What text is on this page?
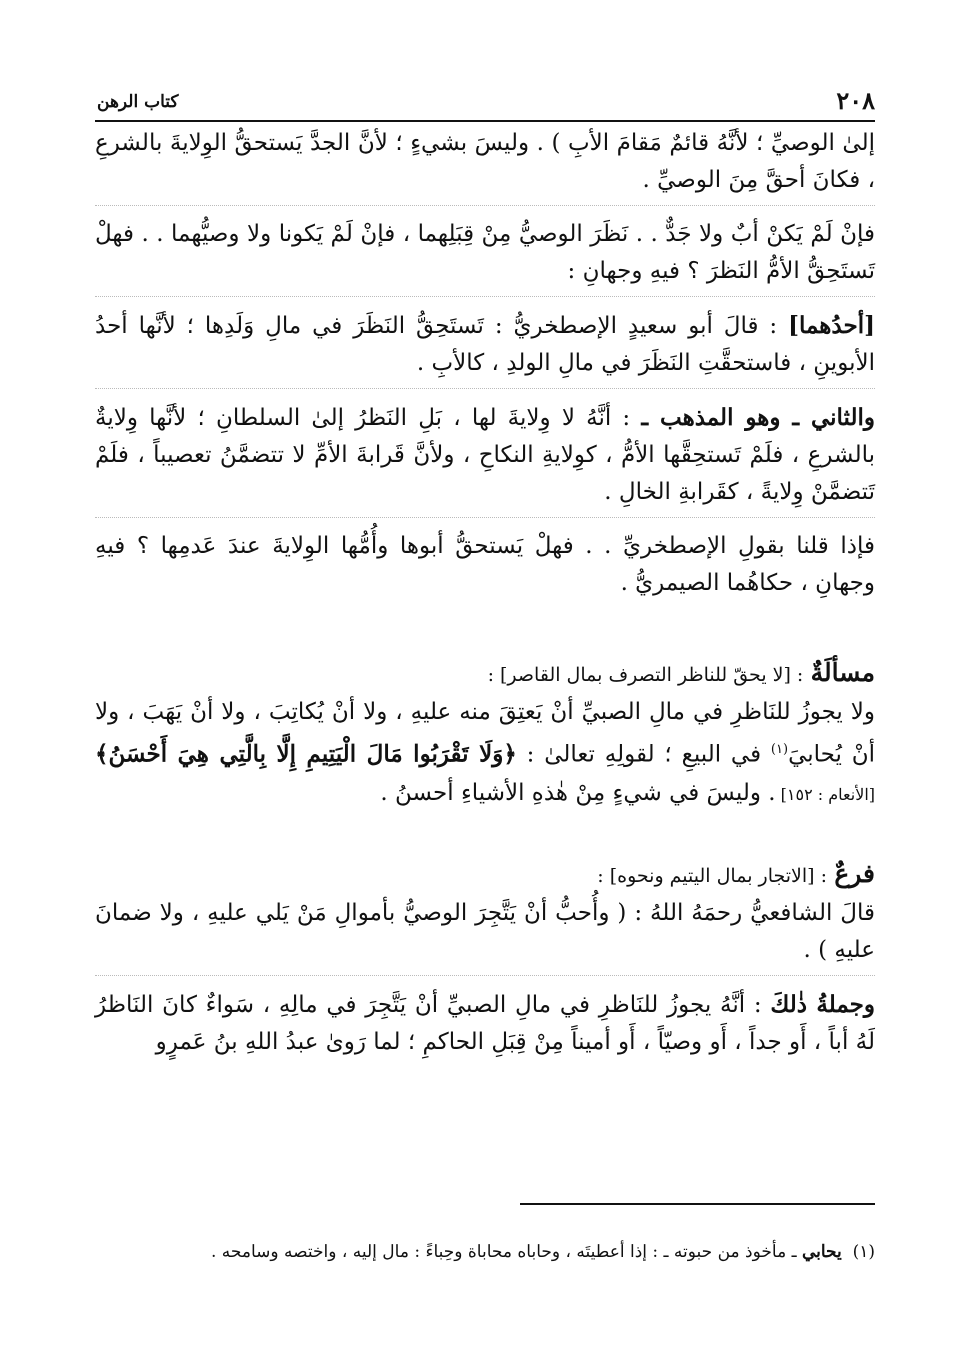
٢٠٨
كتاب الرهن

إلىٰ الوصيِّ ؛ لأنَّهُ قائمٌ مَقامَ الأبِ ) . وليسَ بشيءٍ ؛ لأنَّ الجدَّ يَستحقُّ الوِلايةَ بالشرعِ ، فكانَ أحقَّ مِنَ الوصيِّ .

فإنْ لَمْ يَكنْ أبٌ ولا جَدٌّ . . نَظَرَ الوصيُّ مِنْ قِبَلِهما ، فإنْ لَمْ يَكونا ولا وصيُّهما . . فهلْ تَستَحِقُّ الأمُّ النَظرَ ؟ فيهِ وجهانِ :

[أحدُهما] : قالَ أبو سعيدٍ الإصطخريُّ : تَستَحِقُّ النَظَرَ في مالِ وَلَدِها ؛ لأنَّها أحدُ الأبوينِ ، فاستحقَّتِ النَظَرَ في مالِ الولدِ ، كالأبِ .

والثاني ـ وهو المذهب ـ : أنَّهُ لا وِلايةَ لها ، بَلِ النَظرُ إلىٰ السلطانِ ؛ لأنَّها وِلايةٌ بالشرعِ ، فلَمْ تَستحِقَّها الأمُّ ، كوِلايةِ النكاحِ ، ولأنَّ قَرابةَ الأمِّ لا تتضمَّنُ تعصيباً ، فلَمْ تَتضمَّنْ وِلايةً ، كقَرابةِ الخالِ .

فإذا قلنا بقولِ الإصطخريِّ . . فهلْ يَستحقُّ أبوها وأُمُّها الوِلايةَ عندَ عَدمِها ؟ فيهِ وجهانِ ، حكاهُما الصيمريُّ .

مسألَةٌ : [لا يحقّ للناظر التصرف بمال القاصر] :

ولا يجوزُ للنَاظرِ في مالِ الصبيِّ أنْ يَعتِقَ منه عليهِ ، ولا أنْ يُكاتِبَ ، ولا أنْ يَهَبَ ، ولا أنْ يُحابيَ$^{(١)}$ في البيعِ ؛ لقولِهِ تعالىٰ : ﴿وَلَا تَقْرَبُوا مَالَ الْيَتِيمِ إِلَّا بِالَّتِي هِيَ أَحْسَنُ﴾ [الأنعام : ١٥٢] . وليسَ في شيءٍ مِنْ هٰذهِ الأشياءِ أحسنُ .

فرعٌ : [الاتجار بمال اليتيم ونحوه] :

قالَ الشافعيُّ رحمَهُ اللهُ : ( وأُحبُّ أنْ يَتَّجِرَ الوصيُّ بأموالِ مَنْ يَلي عليهِ ، ولا ضمانَ عليهِ ) .

وجملةُ ذٰلكَ : أنَّهُ يجوزُ للنَاظرِ في مالِ الصبيِّ أنْ يَتَّجِرَ في مالِهِ ، سَواءٌ كانَ النَاظرُ لَهُ أباً ، أَو جداً ، أَو وصيّاً ، أَو أميناً مِنْ قِبَلِ الحاكمِ ؛ لما رَوىٰ عبدُ اللهِ بنُ عَمرٍو

(١)  يحابي ـ مأخوذ من حبوته ـ : إذا أعطيتَه ، وحاباه محاباة وحِباءً : مال إليه ، واختصه وسامحه .
